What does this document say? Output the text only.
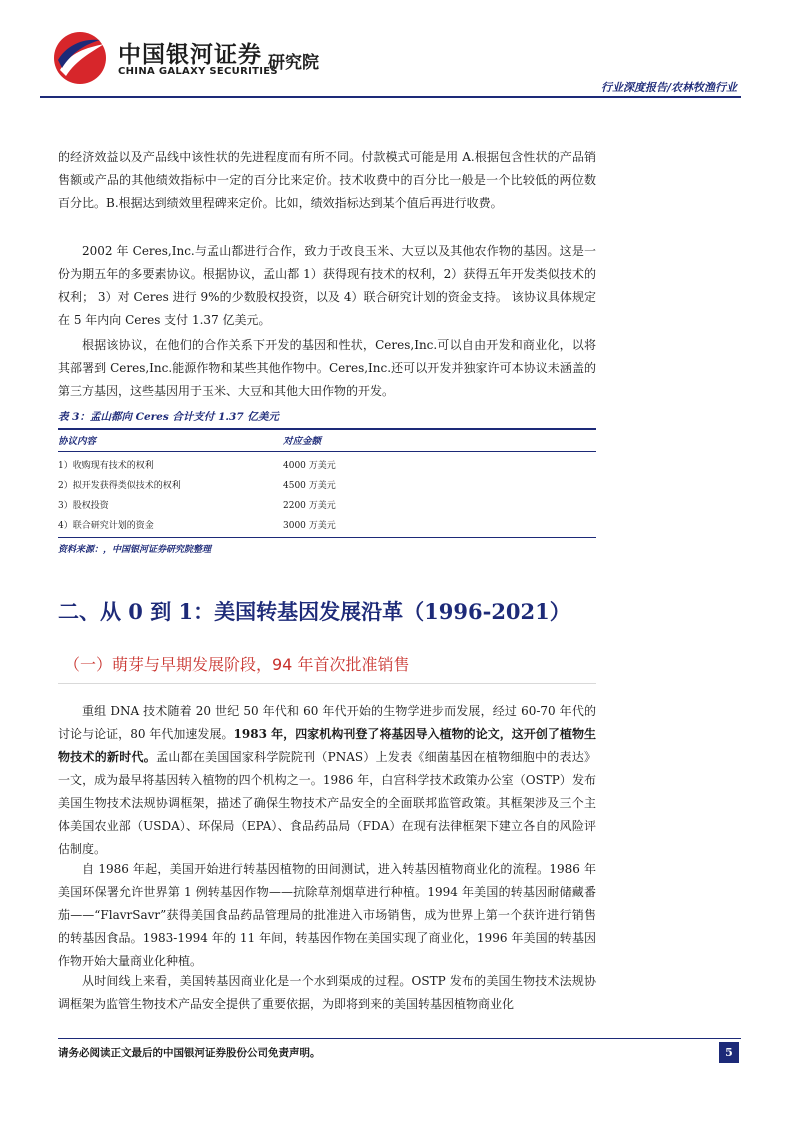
中国银河证券
CHINA GALAXY SECURITIES
研究院
行业深度报告/农林牧渔行业

的经济效益以及产品线中该性状的先进程度而有所不同。付款模式可能是用 A.根据包含性状的产品销售额或产品的其他绩效指标中一定的百分比来定价。技术收费中的百分比一般是一个比较低的两位数百分比。B.根据达到绩效里程碑来定价。比如，绩效指标达到某个值后再进行收费。

2002 年 Ceres,Inc.与孟山都进行合作，致力于改良玉米、大豆以及其他农作物的基因。这是一份为期五年的多要素协议。根据协议，孟山都 1）获得现有技术的权利，2）获得五年开发类似技术的权利； 3）对 Ceres 进行 9%的少数股权投资，以及 4）联合研究计划的资金支持。 该协议具体规定在 5 年内向 Ceres 支付 1.37 亿美元。

根据该协议，在他们的合作关系下开发的基因和性状，Ceres,Inc.可以自由开发和商业化，以将其部署到 Ceres,Inc.能源作物和某些其他作物中。Ceres,Inc.还可以开发并独家许可本协议未涵盖的第三方基因，这些基因用于玉米、大豆和其他大田作物的开发。

表 3：孟山都向 Ceres 合计支付 1.37 亿美元
协议内容	对应金额
1）收购现有技术的权利	4000 万美元
2）拟开发获得类似技术的权利	4500 万美元
3）股权投资	2200 万美元
4）联合研究计划的资金	3000 万美元
资料来源：，中国银河证券研究院整理
二、从 0 到 1：美国转基因发展沿革（1996-2021）
（一）萌芽与早期发展阶段，94 年首次批准销售

重组 DNA 技术随着 20 世纪 50 年代和 60 年代开始的生物学进步而发展，经过 60-70 年代的讨论与论证，80 年代加速发展。1983 年，四家机构刊登了将基因导入植物的论文，这开创了植物生物技术的新时代。孟山都在美国国家科学院院刊（PNAS）上发表《细菌基因在植物细胞中的表达》一文，成为最早将基因转入植物的四个机构之一。1986 年，白宫科学技术政策办公室（OSTP）发布美国生物技术法规协调框架，描述了确保生物技术产品安全的全面联邦监管政策。其框架涉及三个主体美国农业部（USDA）、环保局（EPA）、食品药品局（FDA）在现有法律框架下建立各自的风险评估制度。

自 1986 年起，美国开始进行转基因植物的田间测试，进入转基因植物商业化的流程。1986 年美国环保署允许世界第 1 例转基因作物——抗除草剂烟草进行种植。1994 年美国的转基因耐储藏番茄——“FlavrSavr”获得美国食品药品管理局的批准进入市场销售，成为世界上第一个获许进行销售的转基因食品。1983-1994 年的 11 年间，转基因作物在美国实现了商业化，1996 年美国的转基因作物开始大量商业化种植。

从时间线上来看，美国转基因商业化是一个水到渠成的过程。OSTP 发布的美国生物技术法规协调框架为监管生物技术产品安全提供了重要依据，为即将到来的美国转基因植物商业化

请务必阅读正文最后的中国银河证券股份公司免责声明。	5
